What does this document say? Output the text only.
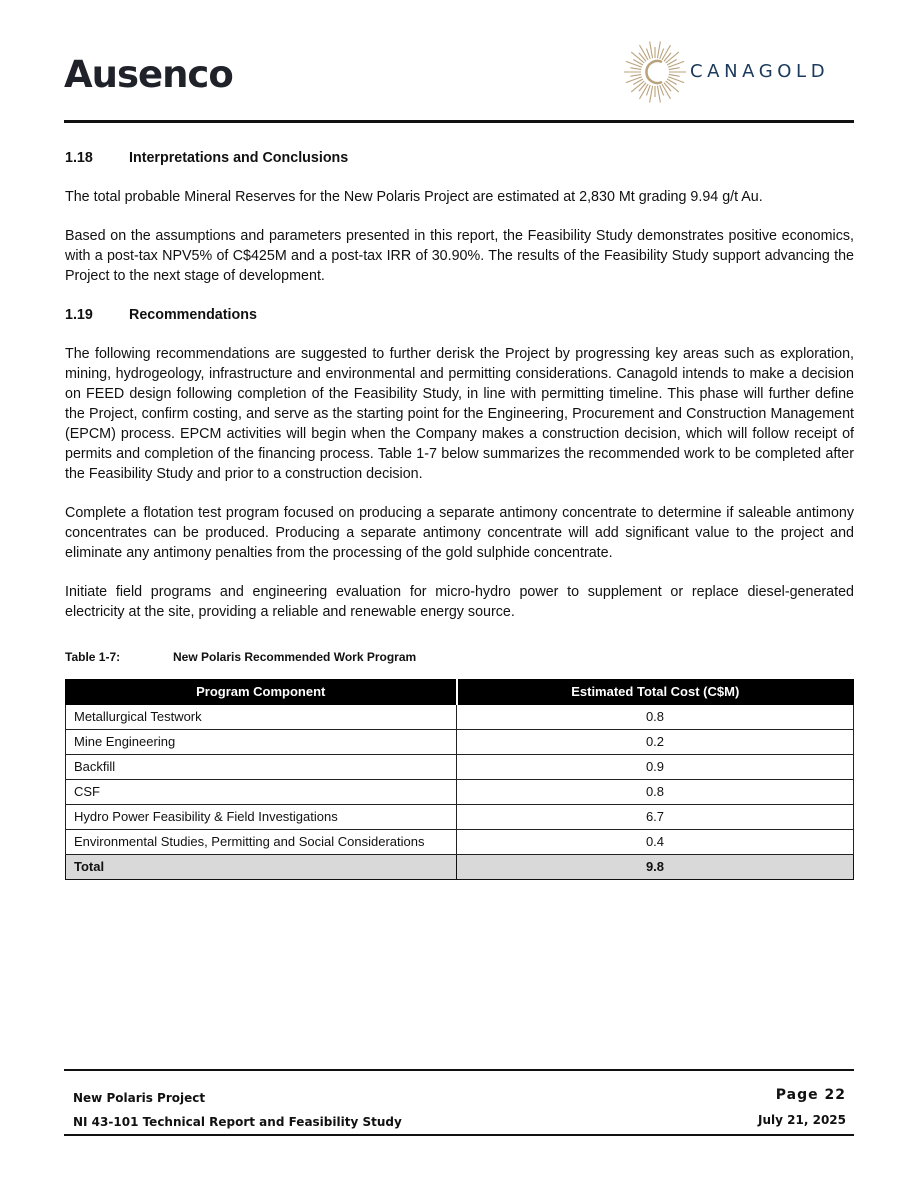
Ausenco	CANAGOLD
1.18	Interpretations and Conclusions

The total probable Mineral Reserves for the New Polaris Project are estimated at 2,830 Mt grading 9.94 g/t Au.

Based on the assumptions and parameters presented in this report, the Feasibility Study demonstrates positive economics, with a post-tax NPV5% of C$425M and a post-tax IRR of 30.90%. The results of the Feasibility Study support advancing the Project to the next stage of development.

1.19	Recommendations

The following recommendations are suggested to further derisk the Project by progressing key areas such as exploration, mining, hydrogeology, infrastructure and environmental and permitting considerations. Canagold intends to make a decision on FEED design following completion of the Feasibility Study, in line with permitting timeline. This phase will further define the Project, confirm costing, and serve as the starting point for the Engineering, Procurement and Construction Management (EPCM) process. EPCM activities will begin when the Company makes a construction decision, which will follow receipt of permits and completion of the financing process. Table 1-7 below summarizes the recommended work to be completed after the Feasibility Study and prior to a construction decision.

Complete a flotation test program focused on producing a separate antimony concentrate to determine if saleable antimony concentrates can be produced. Producing a separate antimony concentrate will add significant value to the project and eliminate any antimony penalties from the processing of the gold sulphide concentrate.

Initiate field programs and engineering evaluation for micro-hydro power to supplement or replace diesel-generated electricity at the site, providing a reliable and renewable energy source.

Table 1-7:	New Polaris Recommended Work Program
Program Component	Estimated Total Cost (C$M)
Metallurgical Testwork	0.8
Mine Engineering	0.2
Backfill	0.9
CSF	0.8
Hydro Power Feasibility & Field Investigations	6.7
Environmental Studies, Permitting and Social Considerations	0.4
Total	9.8
New Polaris Project
NI 43-101 Technical Report and Feasibility Study
Page 22
July 21, 2025
